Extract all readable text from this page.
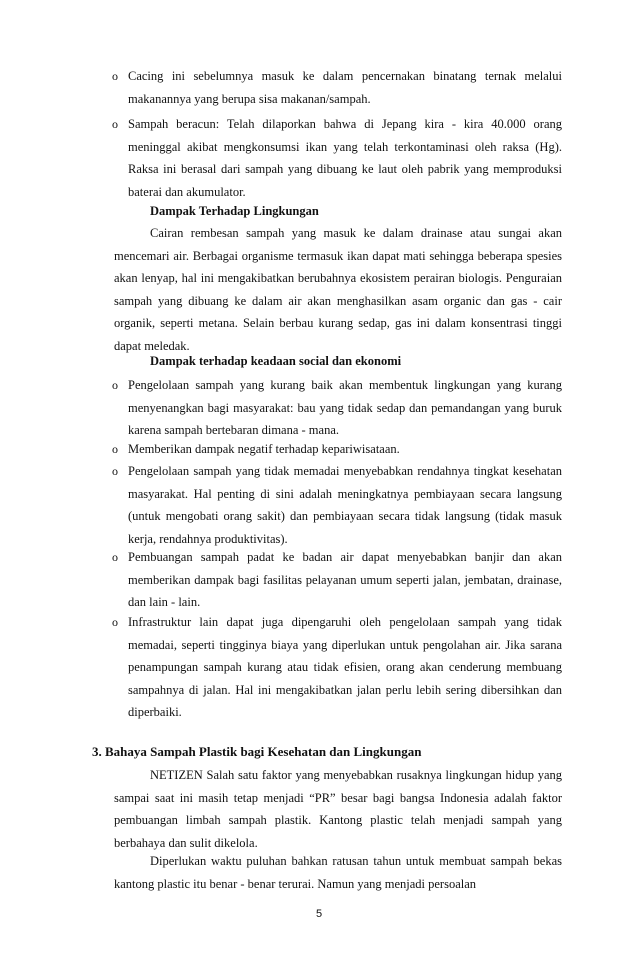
o Cacing ini sebelumnya masuk ke dalam pencernakan binatang ternak melalui makanannya yang berupa sisa makanan/sampah.
o Sampah beracun: Telah dilaporkan bahwa di Jepang kira - kira 40.000 orang meninggal akibat mengkonsumsi ikan yang telah terkontaminasi oleh raksa (Hg). Raksa ini berasal dari sampah yang dibuang ke laut oleh pabrik yang memproduksi baterai dan akumulator.
Dampak Terhadap Lingkungan
Cairan rembesan sampah yang masuk ke dalam drainase atau sungai akan mencemari air. Berbagai organisme termasuk ikan dapat mati sehingga beberapa spesies akan lenyap, hal ini mengakibatkan berubahnya ekosistem perairan biologis. Penguraian sampah yang dibuang ke dalam air akan menghasilkan asam organic dan gas - cair organik, seperti metana. Selain berbau kurang sedap, gas ini dalam konsentrasi tinggi dapat meledak.
Dampak terhadap keadaan social dan ekonomi
o Pengelolaan sampah yang kurang baik akan membentuk lingkungan yang kurang menyenangkan bagi masyarakat: bau yang tidak sedap dan pemandangan yang buruk karena sampah bertebaran dimana - mana.
o Memberikan dampak negatif terhadap kepariwisataan.
o Pengelolaan sampah yang tidak memadai menyebabkan rendahnya tingkat kesehatan masyarakat. Hal penting di sini adalah meningkatnya pembiayaan secara langsung (untuk mengobati orang sakit) dan pembiayaan secara tidak langsung (tidak masuk kerja, rendahnya produktivitas).
o Pembuangan sampah padat ke badan air dapat menyebabkan banjir dan akan memberikan dampak bagi fasilitas pelayanan umum seperti jalan, jembatan, drainase, dan lain - lain.
o Infrastruktur lain dapat juga dipengaruhi oleh pengelolaan sampah yang tidak memadai, seperti tingginya biaya yang diperlukan untuk pengolahan air. Jika sarana penampungan sampah kurang atau tidak efisien, orang akan cenderung membuang sampahnya di jalan. Hal ini mengakibatkan jalan perlu lebih sering dibersihkan dan diperbaiki.
3. Bahaya Sampah Plastik bagi Kesehatan dan Lingkungan
NETIZEN Salah satu faktor yang menyebabkan rusaknya lingkungan hidup yang sampai saat ini masih tetap menjadi “PR” besar bagi bangsa Indonesia adalah faktor pembuangan limbah sampah plastik. Kantong plastic telah menjadi sampah yang berbahaya dan sulit dikelola.
Diperlukan waktu puluhan bahkan ratusan tahun untuk membuat sampah bekas kantong plastic itu benar - benar terurai. Namun yang menjadi persoalan
5
